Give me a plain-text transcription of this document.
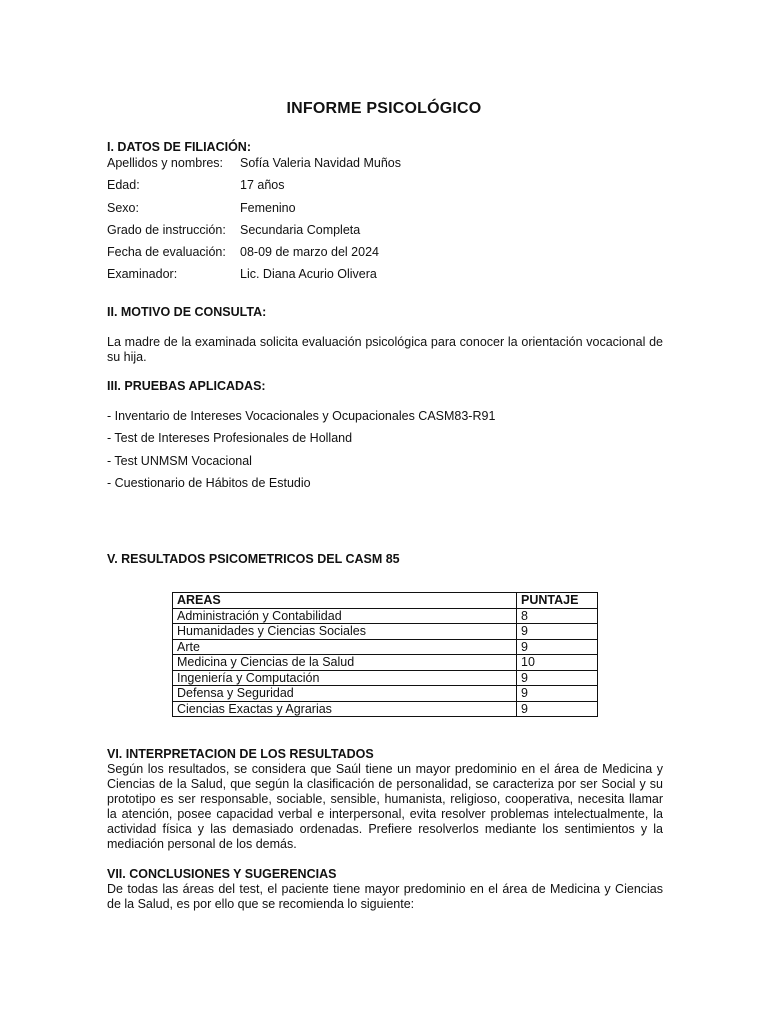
INFORME PSICOLÓGICO
I. DATOS DE FILIACIÓN:
Apellidos y nombres: Sofía Valeria Navidad Muños
Edad:	17 años
Sexo:	Femenino
Grado de instrucción: Secundaria Completa
Fecha de evaluación: 08-09 de marzo del 2024
Examinador:	Lic. Diana Acurio Olivera
II. MOTIVO DE CONSULTA:
La madre de la examinada solicita evaluación psicológica para conocer la orientación vocacional de su hija.
III. PRUEBAS APLICADAS:
- Inventario de Intereses Vocacionales y Ocupacionales CASM83-R91
- Test de Intereses Profesionales de Holland
- Test UNMSM Vocacional
- Cuestionario de Hábitos de Estudio
V. RESULTADOS PSICOMETRICOS DEL CASM 85
AREAS	PUNTAJE
Administración y Contabilidad	8
Humanidades y Ciencias Sociales	9
Arte	9
Medicina y Ciencias de la Salud	10
Ingeniería y Computación	9
Defensa y Seguridad	9
Ciencias Exactas y Agrarias	9
VI. INTERPRETACION DE LOS RESULTADOS
Según los resultados, se considera que Saúl tiene un mayor predominio en el área de Medicina y Ciencias de la Salud, que según la clasificación de personalidad, se caracteriza por ser Social y su prototipo es ser responsable, sociable, sensible, humanista, religioso, cooperativa, necesita llamar la atención, posee capacidad verbal e interpersonal, evita resolver problemas intelectualmente, la actividad física y las demasiado ordenadas. Prefiere resolverlos mediante los sentimientos y la mediación personal de los demás.
VII. CONCLUSIONES Y SUGERENCIAS
De todas las áreas del test, el paciente tiene mayor predominio en el área de Medicina y Ciencias de la Salud, es por ello que se recomienda lo siguiente:
